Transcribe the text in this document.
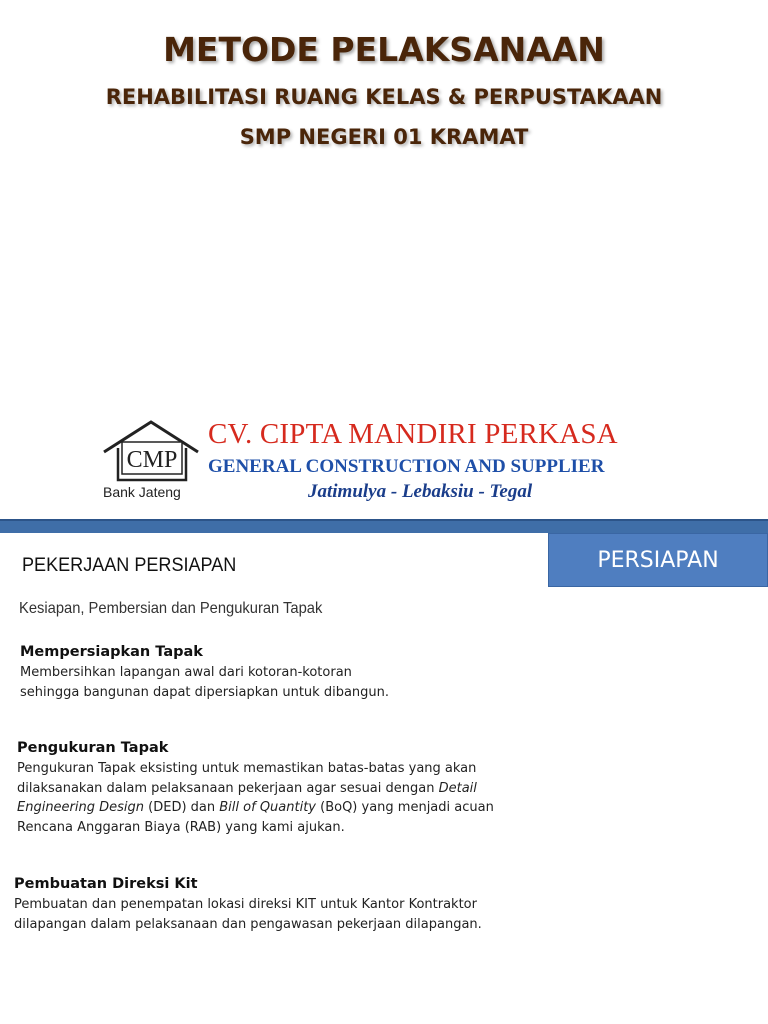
METODE PELAKSANAAN
REHABILITASI RUANG KELAS & PERPUSTAKAAN
SMP NEGERI 01 KRAMAT
CMP
Bank Jateng
CV. CIPTA MANDIRI PERKASA
GENERAL CONSTRUCTION AND SUPPLIER
Jatimulya - Lebaksiu - Tegal
PERSIAPAN
PEKERJAAN PERSIAPAN
Kesiapan, Pembersian dan Pengukuran Tapak
Mempersiapkan Tapak

Membersihkan lapangan awal dari kotoran-kotoran
sehingga bangunan dapat dipersiapkan untuk dibangun.

Pengukuran Tapak

Pengukuran Tapak eksisting untuk memastikan batas-batas yang akan
dilaksanakan dalam pelaksanaan pekerjaan agar sesuai dengan Detail
Engineering Design (DED) dan Bill of Quantity (BoQ) yang menjadi acuan
Rencana Anggaran Biaya (RAB) yang kami ajukan.

Pembuatan Direksi Kit

Pembuatan dan penempatan lokasi direksi KIT untuk Kantor Kontraktor
dilapangan dalam pelaksanaan dan pengawasan pekerjaan dilapangan.
